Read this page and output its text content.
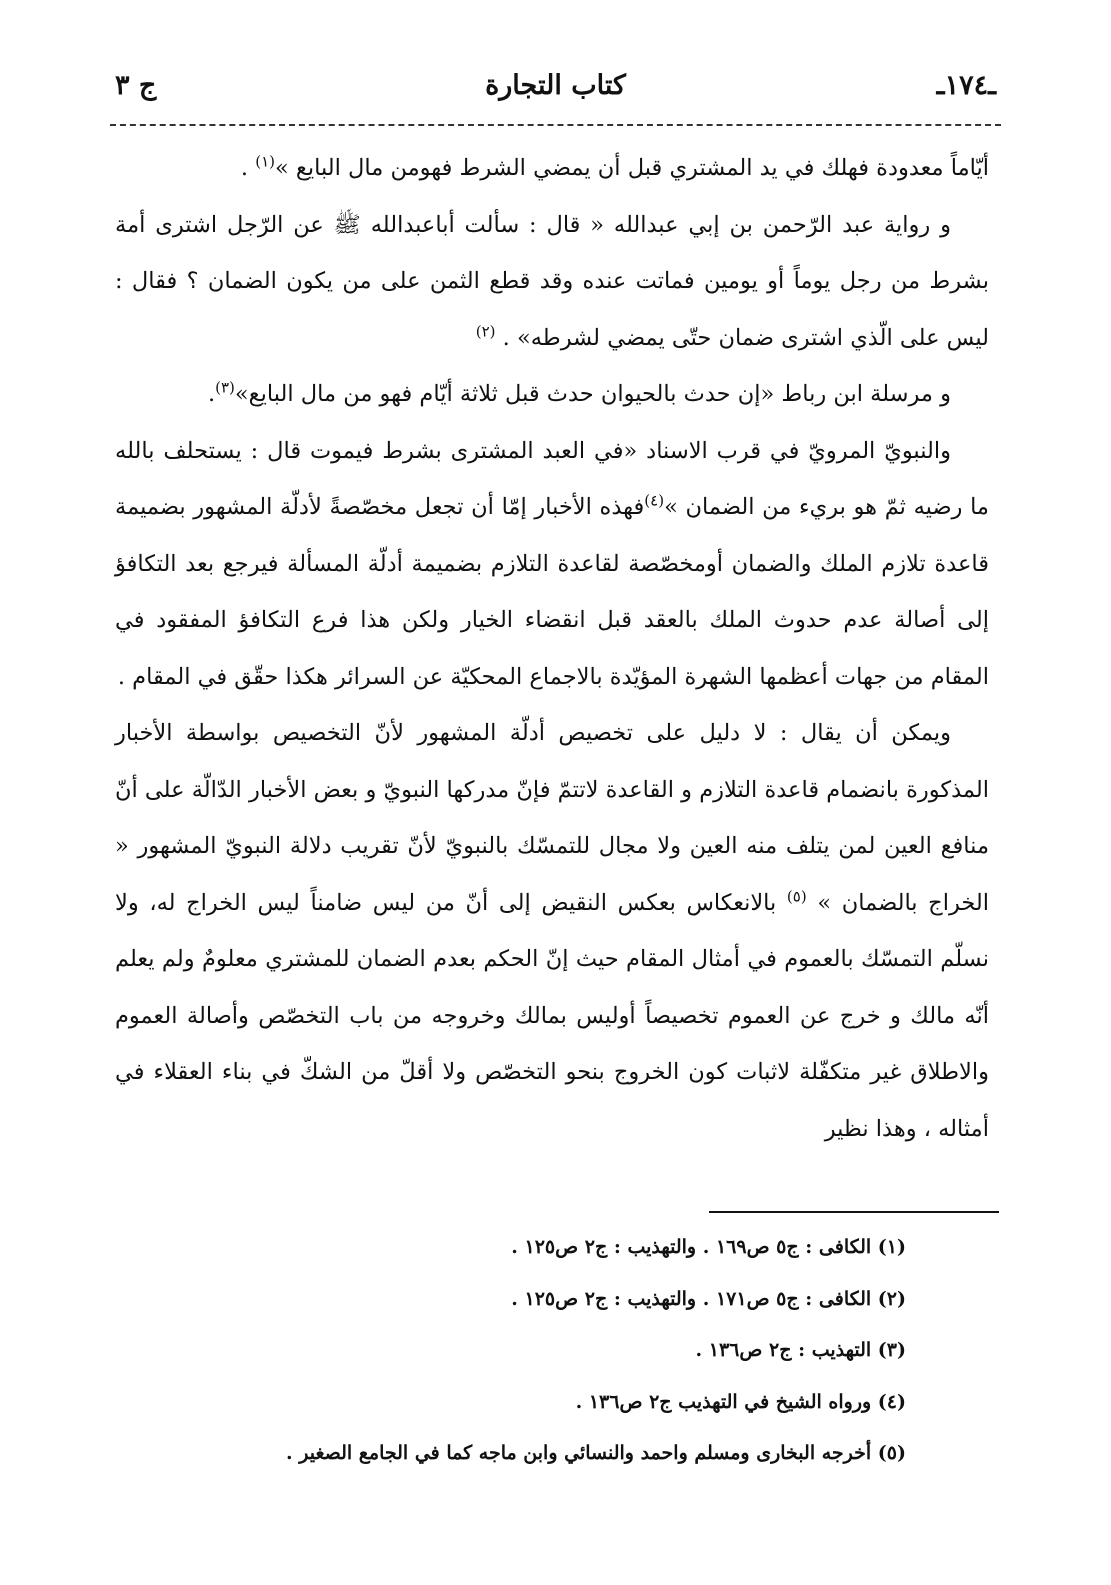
ـ١٧٤ـ
كتاب التجارة
ج ٣

أيّاماً معدودة فهلك في يد المشتري قبل أن يمضي الشرط فهومن مال البايع »$^{(١)}$ .

و رواية عبد الرّحمن بن إبي عبدالله « قال : سألت أباعبدالله ﷺ عن الرّجل اشترى أمة بشرط من رجل يوماً أو يومين فماتت عنده وقد قطع الثمن على من يكون الضمان ؟ فقال : ليس على الّذي اشترى ضمان حتّى يمضي لشرطه» . $^{(٢)}$

و مرسلة ابن رباط «إن حدث بالحيوان حدث قبل ثلاثة أيّام فهو من مال البايع»$^{(٣)}$.

والنبويّ المرويّ في قرب الاسناد «في العبد المشترى بشرط فيموت قال : يستحلف بالله ما رضيه ثمّ هو بريء من الضمان »$^{(٤)}$فهذه الأخبار إمّا أن تجعل مخصّصةً لأدلّة المشهور بضميمة قاعدة تلازم الملك والضمان أومخصّصة لقاعدة التلازم بضميمة أدلّة المسألة فيرجع بعد التكافؤ إلى أصالة عدم حدوث الملك بالعقد قبل انقضاء الخيار ولكن هذا فرع التكافؤ المفقود في المقام من جهات أعظمها الشهرة المؤيّدة بالاجماع المحكيّة عن السرائر هكذا حقّق في المقام .

ويمكن أن يقال : لا دليل على تخصيص أدلّة المشهور لأنّ التخصيص بواسطة الأخبار المذكورة بانضمام قاعدة التلازم و القاعدة لاتتمّ فإنّ مدركها النبويّ و بعض الأخبار الدّالّة على أنّ منافع العين لمن يتلف منه العين ولا مجال للتمسّك بالنبويّ لأنّ تقريب دلالة النبويّ المشهور « الخراج بالضمان » $^{(٥)}$ بالانعكاس بعكس النقيض إلى أنّ من ليس ضامناً ليس الخراج له، ولا نسلّم التمسّك بالعموم في أمثال المقام حيث إنّ الحكم بعدم الضمان للمشتري معلومٌ ولم يعلم أنّه مالك و خرج عن العموم تخصيصاً أوليس بمالك وخروجه من باب التخصّص وأصالة العموم والاطلاق غير متكفّلة لاثبات كون الخروج بنحو التخصّص ولا أقلّ من الشكّ في بناء العقلاء في أمثاله ، وهذا نظير

(١) الكافى : ج٥ ص١٦٩ . والتهذيب : ج٢ ص١٢٥ .
(٢) الكافى : ج٥ ص١٧١ . والتهذيب : ج٢ ص١٢٥ .
(٣) التهذيب : ج٢ ص١٣٦ .
(٤) ورواه الشيخ في التهذيب ج٢ ص١٣٦ .
(٥) أخرجه البخارى ومسلم واحمد والنسائي وابن ماجه كما في الجامع الصغير .
